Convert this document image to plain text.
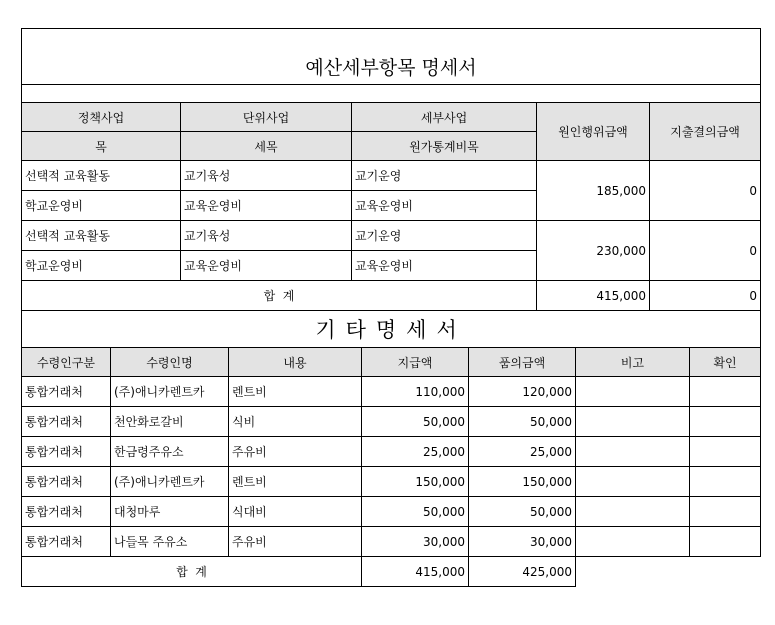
예산세부항목 명세서				

정책사업	단위사업	세부사업	원인행위금액	지출결의금액
목	세목	원가통계비목		
선택적 교육활동	교기육성	교기운영	185,000	0
학교운영비	교육운영비	교육운영비		
선택적 교육활동	교기육성	교기운영	230,000	0
학교운영비	교육운영비	교육운영비		
합  계			415,000	0
기타명세서						
수령인구분	수령인명	내용	지급액	품의금액	비고	확인
통합거래처	(주)애니카렌트카	렌트비	110,000	120,000		
통합거래처	천안화로갈비	식비	50,000	50,000		
통합거래처	한금령주유소	주유비	25,000	25,000		
통합거래처	(주)애니카렌트카	렌트비	150,000	150,000		
통합거래처	대청마루	식대비	50,000	50,000		
통합거래처	나들목 주유소	주유비	30,000	30,000		
합  계			415,000	425,000		
